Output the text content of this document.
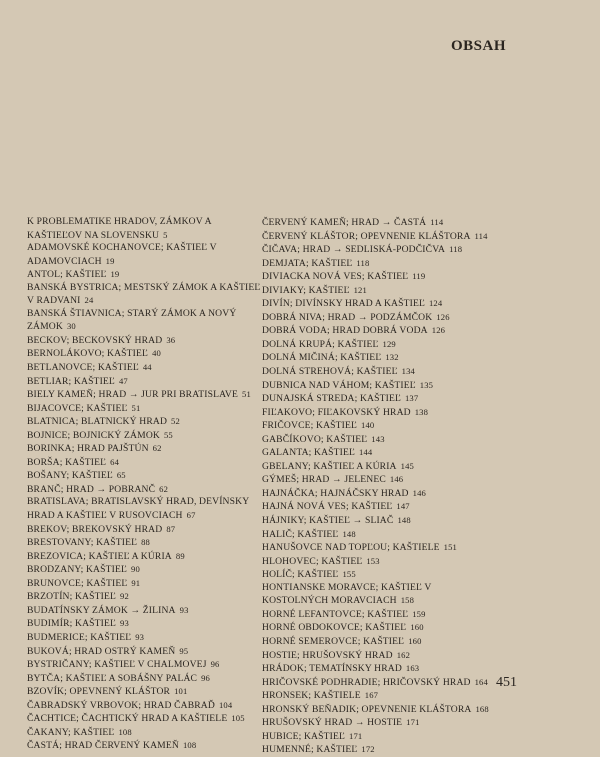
OBSAH
K PROBLEMATIKE HRADOV, ZÁMKOV A KAŠTIEĽOV NA SLOVENSKU 5
ADAMOVSKÉ KOCHANOVCE; KAŠTIEĽ V ADAMOVCIACH 19
ANTOL; KAŠTIEĽ 19
BANSKÁ BYSTRICA; MESTSKÝ ZÁMOK A KAŠTIEĽ V RADVANI 24
BANSKÁ ŠTIAVNICA; STARÝ ZÁMOK A NOVÝ ZÁMOK 30
BECKOV; BECKOVSKÝ HRAD 36
BERNOLÁKOVO; KAŠTIEĽ 40
BETLANOVCE; KAŠTIEĽ 44
BETLIAR; KAŠTIEĽ 47
BIELY KAMEŇ; HRAD → JUR PRI BRATISLAVE 51
BIJACOVCE; KAŠTIEĽ 51
BLATNICA; BLATNICKÝ HRAD 52
BOJNICE; BOJNICKÝ ZÁMOK 55
BORINKA; HRAD PAJŠTÚN 62
BORŠA; KAŠTIEĽ 64
BOŠANY; KAŠTIEĽ 65
BRANČ; HRAD → POBRANČ 62
BRATISLAVA; BRATISLAVSKÝ HRAD, DEVÍNSKY HRAD A KAŠTIEĽ V RUSOVCIACH 67
BREKOV; BREKOVSKÝ HRAD 87
BRESTOVANY; KAŠTIEĽ 88
BREZOVICA; KAŠTIEĽ A KÚRIA 89
BRODZANY; KAŠTIEĽ 90
BRUNOVCE; KAŠTIEĽ 91
BRZOTÍN; KAŠTIEĽ 92
BUDATÍNSKY ZÁMOK → ŽILINA 93
BUDIMÍR; KAŠTIEĽ 93
BUDMERICE; KAŠTIEĽ 93
BUKOVÁ; HRAD OSTRÝ KAMEŇ 95
BYSTRIČANY; KAŠTIEĽ V CHALMOVEJ 96
BYTČA; KAŠTIEĽ A SOBÁŠNY PALÁC 96
BZOVÍK; OPEVNENÝ KLÁŠTOR 101
ČABRADSKÝ VRBOVOK; HRAD ČABRAĎ 104
ČACHTICE; ČACHTICKÝ HRAD A KAŠTIELE 105
ČAKANY; KAŠTIEĽ 108
ČASTÁ; HRAD ČERVENÝ KAMEŇ 108
ČERVENÝ KAMEŇ; HRAD → ČASTÁ 114
ČERVENÝ KLÁŠTOR; OPEVNENIE KLÁŠTORA 114
ČIČAVA; HRAD → SEDLISKÁ-PODČIČVA 118
DEMJATA; KAŠTIEĽ 118
DIVIACKA NOVÁ VES; KAŠTIEĽ 119
DIVIAKY; KAŠTIEĽ 121
DIVÍN; DIVÍNSKY HRAD A KAŠTIEĽ 124
DOBRÁ NIVA; HRAD → PODZÁMČOK 126
DOBRÁ VODA; HRAD DOBRÁ VODA 126
DOLNÁ KRUPÁ; KAŠTIEĽ 129
DOLNÁ MIČINÁ; KAŠTIEĽ 132
DOLNÁ STREHOVÁ; KAŠTIEĽ 134
DUBNICA NAD VÁHOM; KAŠTIEĽ 135
DUNAJSKÁ STREDA; KAŠTIEĽ 137
FIĽAKOVO; FIĽAKOVSKÝ HRAD 138
FRIČOVCE; KAŠTIEĽ 140
GABČÍKOVO; KAŠTIEĽ 143
GALANTA; KAŠTIEĽ 144
GBELANY; KAŠTIEĽ A KÚRIA 145
GÝMEŠ; HRAD → JELENEC 146
HAJNÁČKA; HAJNÁČSKY HRAD 146
HAJNÁ NOVÁ VES; KAŠTIEĽ 147
HÁJNIKY; KAŠTIEĽ → SLIAČ 148
HALIČ; KAŠTIEĽ 148
HANUŠOVCE NAD TOPĽOU; KAŠTIELE 151
HLOHOVEC; KAŠTIEĽ 153
HOLÍČ; KAŠTIEĽ 155
HONTIANSKE MORAVCE; KAŠTIEĽ V KOSTOLNÝCH MORAVCIACH 158
HORNÉ LEFANTOVCE; KAŠTIEĽ 159
HORNÉ OBDOKOVCE; KAŠTIEĽ 160
HORNÉ SEMEROVCE; KAŠTIEĽ 160
HOSTIE; HRUŠOVSKÝ HRAD 162
HRÁDOK; TEMATÍNSKY HRAD 163
HRIČOVSKÉ PODHRADIE; HRIČOVSKÝ HRAD 164
HRONSEK; KAŠTIELE 167
HRONSKÝ BEŇADIK; OPEVNENIE KLÁŠTORA 168
HRUŠOVSKÝ HRAD → HOSTIE 171
HUBICE; KAŠTIEĽ 171
HUMENNÉ; KAŠTIEĽ 172
451
